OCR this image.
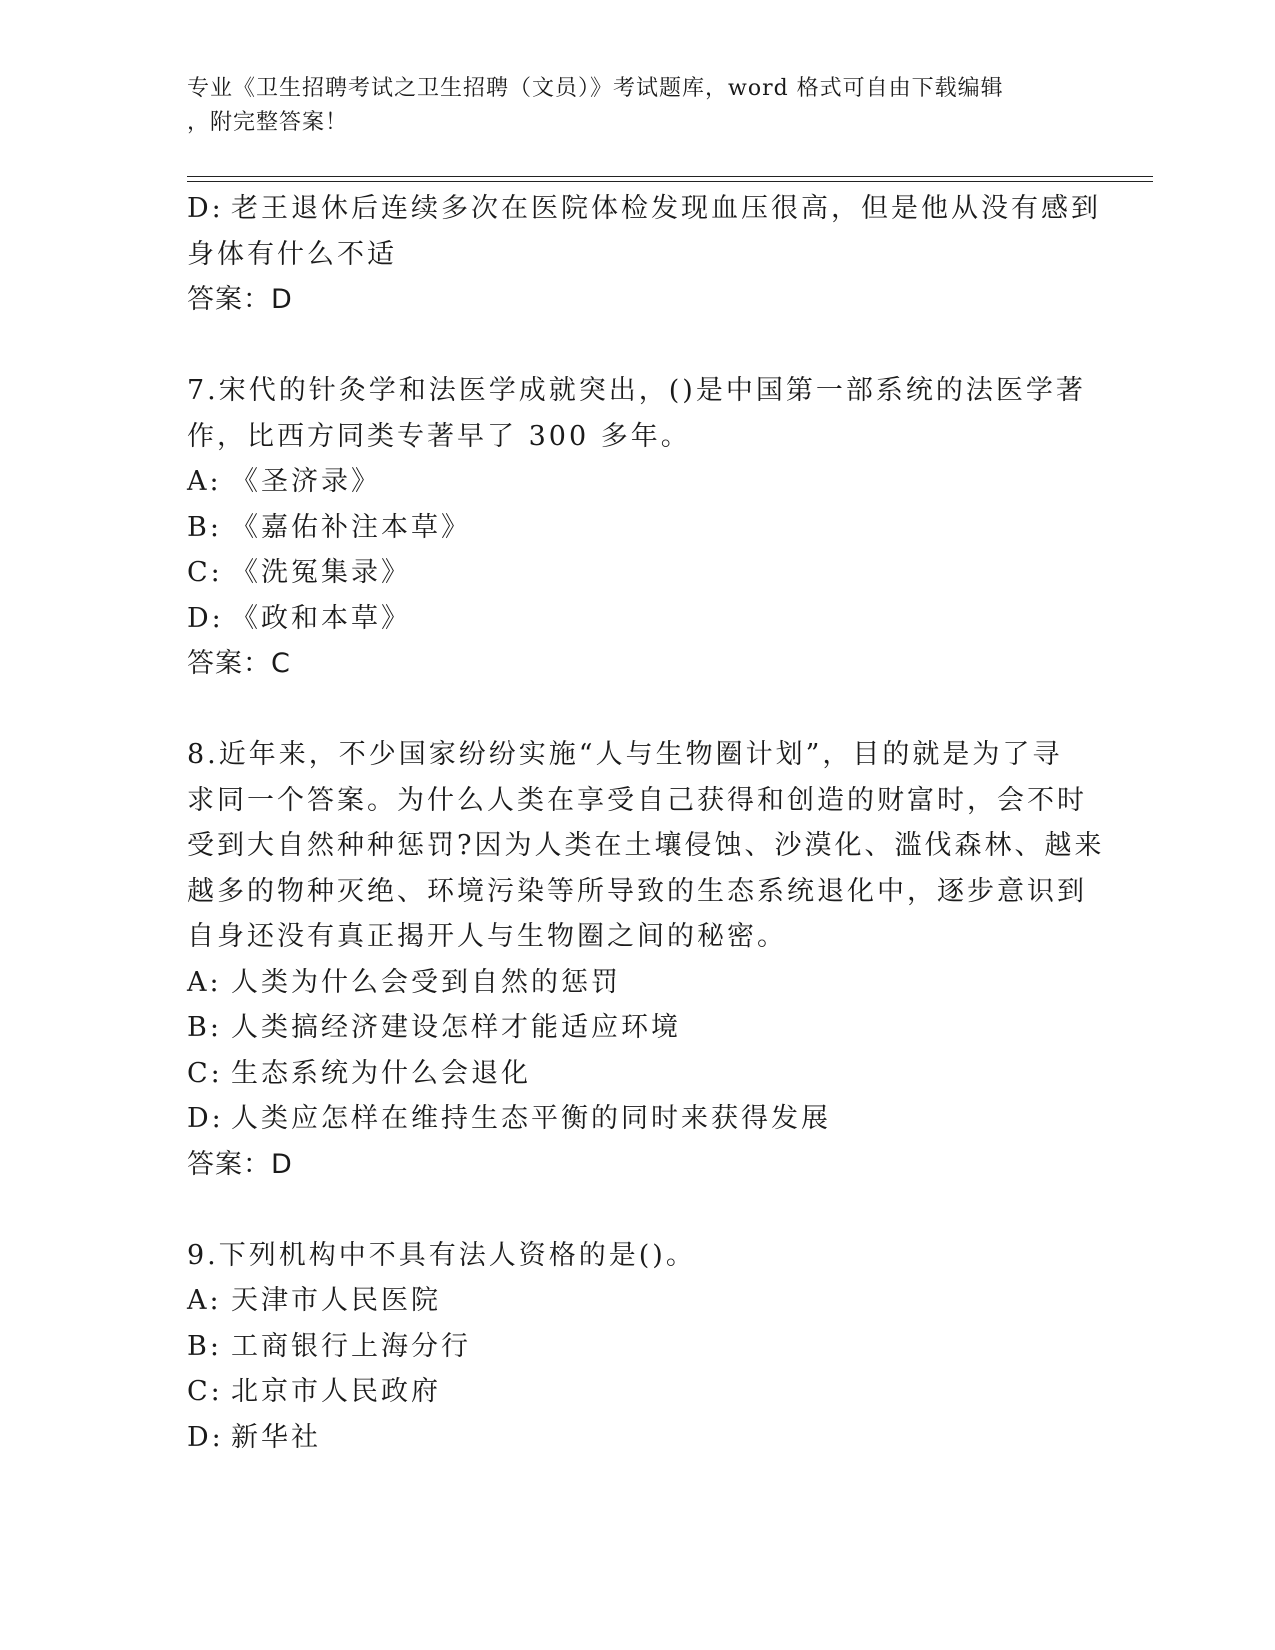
专业《卫生招聘考试之卫生招聘（文员）》考试题库，word 格式可自由下载编辑
，附完整答案！
D: 老王退休后连续多次在医院体检发现血压很高，但是他从没有感到
身体有什么不适
答案：D
7.宋代的针灸学和法医学成就突出，()是中国第一部系统的法医学著
作，比西方同类专著早了 300 多年。
A: 《圣济录》
B: 《嘉佑补注本草》
C: 《洗冤集录》
D: 《政和本草》
答案：C
8.近年来，不少国家纷纷实施“人与生物圈计划”，目的就是为了寻
求同一个答案。为什么人类在享受自己获得和创造的财富时，会不时
受到大自然种种惩罚?因为人类在土壤侵蚀、沙漠化、滥伐森林、越来
越多的物种灭绝、环境污染等所导致的生态系统退化中，逐步意识到
自身还没有真正揭开人与生物圈之间的秘密。
A: 人类为什么会受到自然的惩罚
B: 人类搞经济建设怎样才能适应环境
C: 生态系统为什么会退化
D: 人类应怎样在维持生态平衡的同时来获得发展
答案：D
9.下列机构中不具有法人资格的是()。
A: 天津市人民医院
B: 工商银行上海分行
C: 北京市人民政府
D: 新华社
